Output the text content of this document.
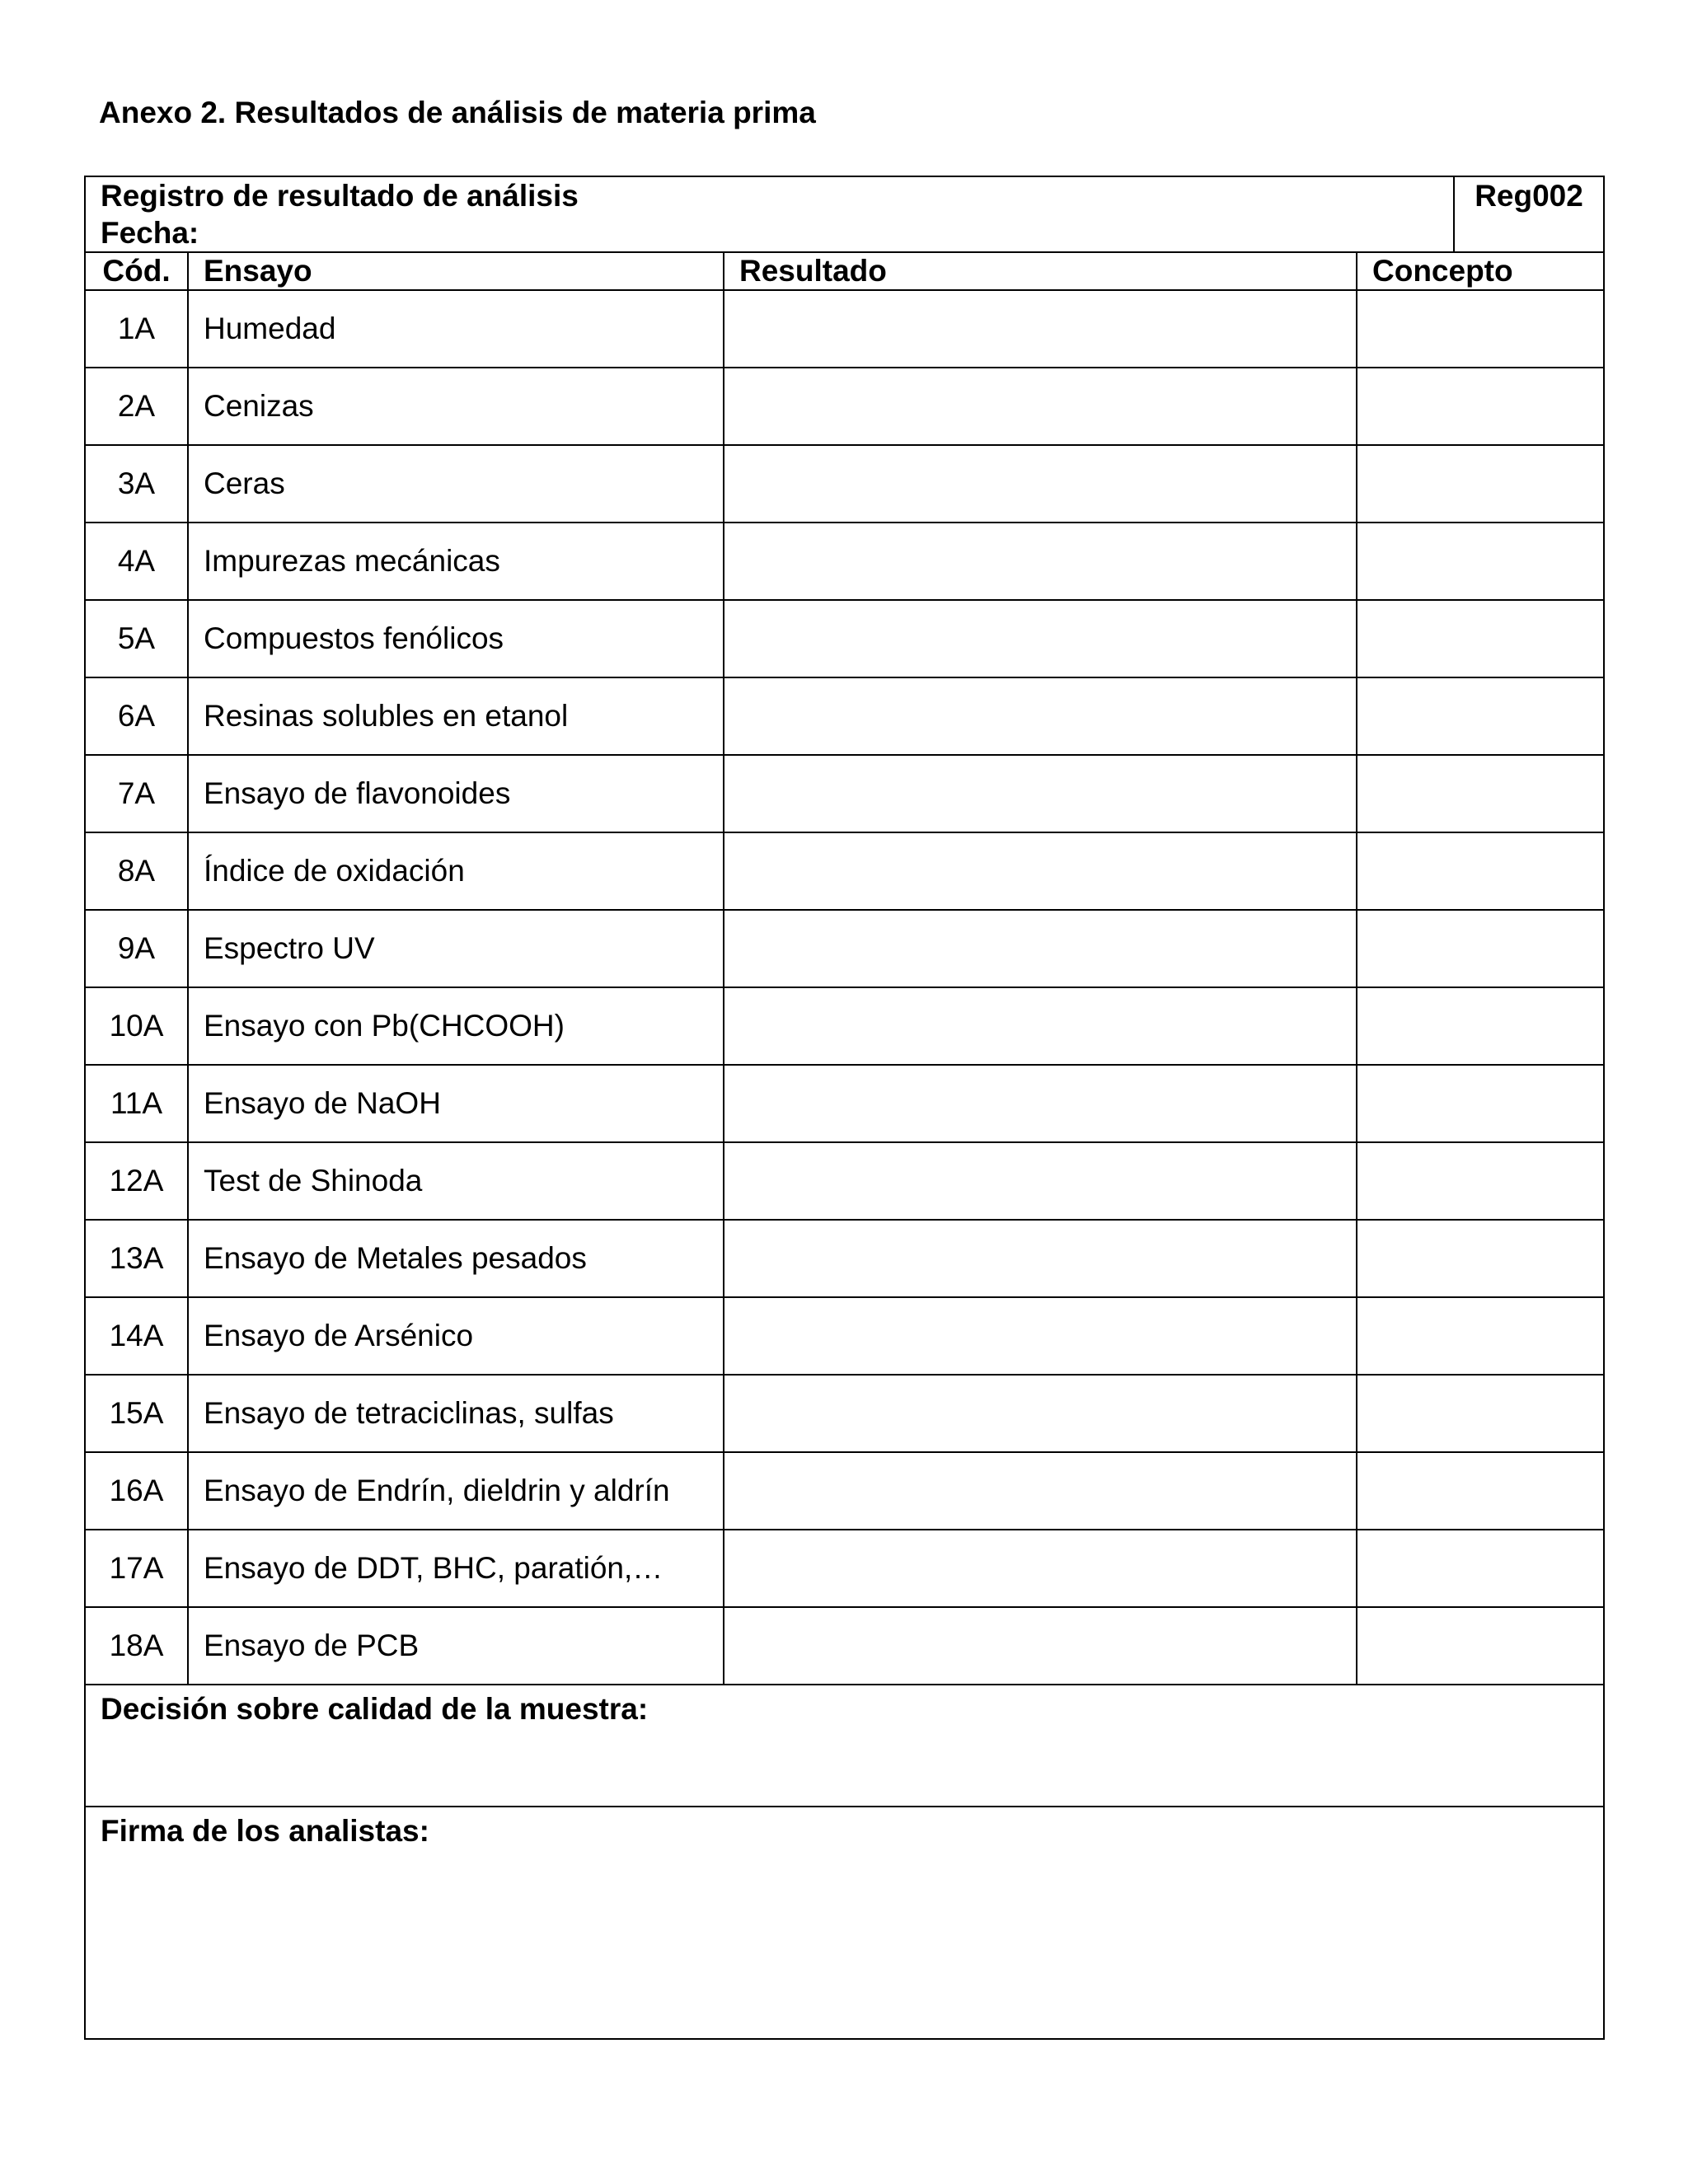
Anexo 2. Resultados de análisis de materia prima
Registro de resultado de análisis
Fecha:				Reg002
Cód.	Ensayo	Resultado	Concepto	
1A	Humedad			
2A	Cenizas			
3A	Ceras			
4A	Impurezas mecánicas			
5A	Compuestos fenólicos			
6A	Resinas solubles en etanol			
7A	Ensayo de flavonoides			
8A	Índice de oxidación			
9A	Espectro UV			
10A	Ensayo con Pb(CHCOOH)			
11A	Ensayo de NaOH			
12A	Test de Shinoda			
13A	Ensayo de Metales pesados			
14A	Ensayo de Arsénico			
15A	Ensayo de tetraciclinas, sulfas			
16A	Ensayo de Endrín, dieldrin y aldrín			
17A	Ensayo de DDT, BHC, paratión,…			
18A	Ensayo de PCB			

Decisión sobre calidad de la muestra:				

Firma de los analistas:				
